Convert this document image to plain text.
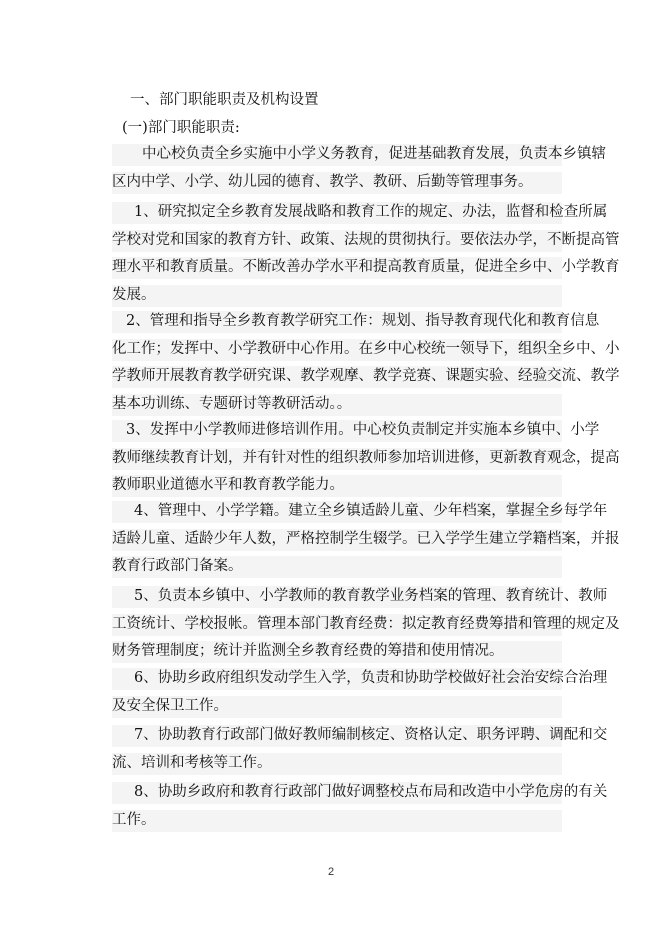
一、部门职能职责及机构设置
(一)部门职能职责:
中心校负责全乡实施中小学义务教育，促进基础教育发展，负责本乡镇辖
区内中学、小学、幼儿园的德育、教学、教研、后勤等管理事务。
1、研究拟定全乡教育发展战略和教育工作的规定、办法，监督和检查所属
学校对党和国家的教育方针、政策、法规的贯彻执行。要依法办学，不断提高管
理水平和教育质量。不断改善办学水平和提高教育质量，促进全乡中、小学教育
发展。
2、管理和指导全乡教育教学研究工作：规划、指导教育现代化和教育信息
化工作；发挥中、小学教研中心作用。在乡中心校统一领导下，组织全乡中、小
学教师开展教育教学研究课、教学观摩、教学竞赛、课题实验、经验交流、教学
基本功训练、专题研讨等教研活动。。
3、发挥中小学教师进修培训作用。中心校负责制定并实施本乡镇中、小学
教师继续教育计划，并有针对性的组织教师参加培训进修，更新教育观念，提高
教师职业道德水平和教育教学能力。
4、管理中、小学学籍。建立全乡镇适龄儿童、少年档案，掌握全乡每学年
适龄儿童、适龄少年人数，严格控制学生辍学。已入学学生建立学籍档案，并报
教育行政部门备案。
5、负责本乡镇中、小学教师的教育教学业务档案的管理、教育统计、教师
工资统计、学校报帐。管理本部门教育经费：拟定教育经费筹措和管理的规定及
财务管理制度；统计并监测全乡教育经费的筹措和使用情况。
6、协助乡政府组织发动学生入学，负责和协助学校做好社会治安综合治理
及安全保卫工作。
7、协助教育行政部门做好教师编制核定、资格认定、职务评聘、调配和交
流、培训和考核等工作。
8、协助乡政府和教育行政部门做好调整校点布局和改造中小学危房的有关
工作。
2
